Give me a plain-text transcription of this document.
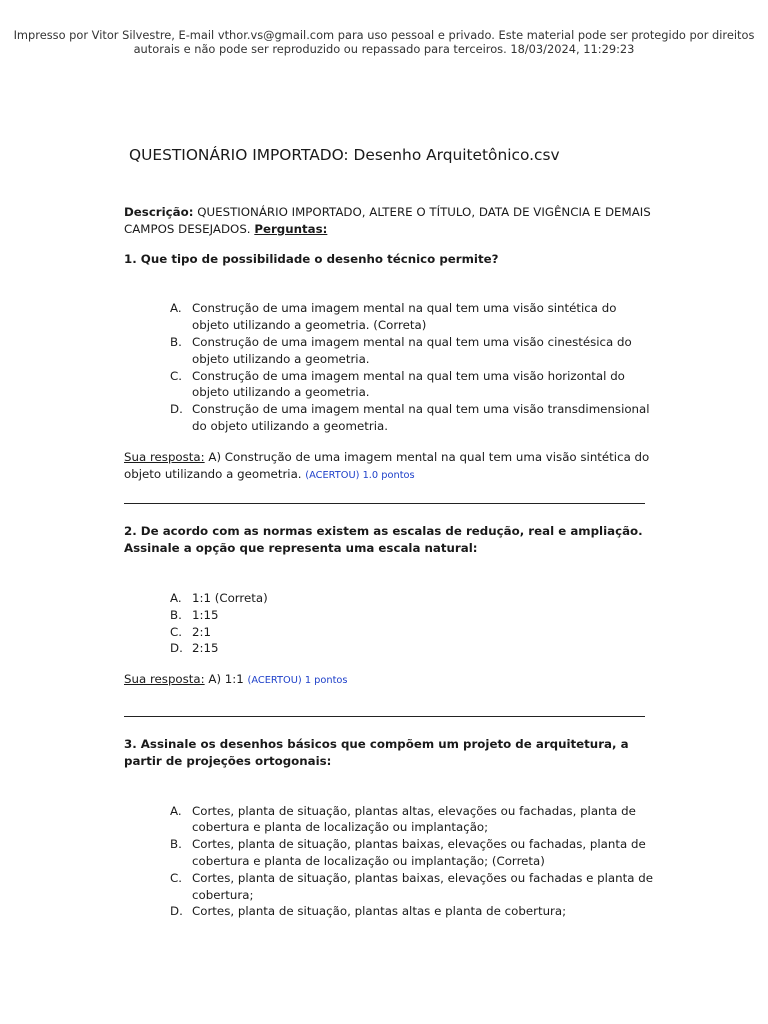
Impresso por Vitor Silvestre, E-mail vthor.vs@gmail.com para uso pessoal e privado. Este material pode ser protegido por direitos
autorais e não pode ser reproduzido ou repassado para terceiros. 18/03/2024, 11:29:23
QUESTIONÁRIO IMPORTADO: Desenho Arquitetônico.csv
Descrição: QUESTIONÁRIO IMPORTADO, ALTERE O TÍTULO, DATA DE VIGÊNCIA E DEMAIS CAMPOS DESEJADOS. Perguntas:
1. Que tipo de possibilidade o desenho técnico permite?
A. Construção de uma imagem mental na qual tem uma visão sintética do objeto utilizando a geometria. (Correta)
B. Construção de uma imagem mental na qual tem uma visão cinestésica do objeto utilizando a geometria.
C. Construção de uma imagem mental na qual tem uma visão horizontal do objeto utilizando a geometria.
D. Construção de uma imagem mental na qual tem uma visão transdimensional do objeto utilizando a geometria.
Sua resposta: A) Construção de uma imagem mental na qual tem uma visão sintética do objeto utilizando a geometria. (ACERTOU) 1.0 pontos
2. De acordo com as normas existem as escalas de redução, real e ampliação. Assinale a opção que representa uma escala natural:
A. 1:1 (Correta)
B. 1:15
C. 2:1
D. 2:15
Sua resposta: A) 1:1 (ACERTOU) 1 pontos
3. Assinale os desenhos básicos que compõem um projeto de arquitetura, a partir de projeções ortogonais:
A. Cortes, planta de situação, plantas altas, elevações ou fachadas, planta de cobertura e planta de localização ou implantação;
B. Cortes, planta de situação, plantas baixas, elevações ou fachadas, planta de cobertura e planta de localização ou implantação; (Correta)
C. Cortes, planta de situação, plantas baixas, elevações ou fachadas e planta de cobertura;
D. Cortes, planta de situação, plantas altas e planta de cobertura;
